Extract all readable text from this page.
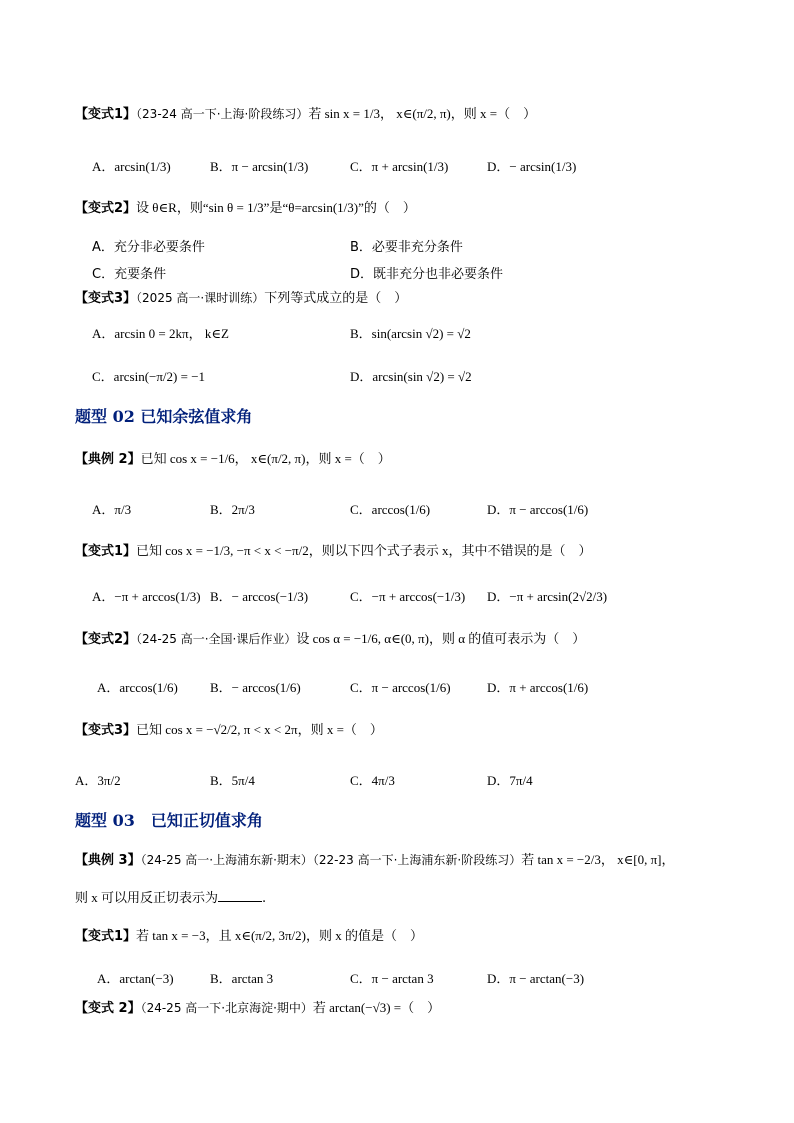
【变式1】（23-24 高一下·上海·阶段练习）若 sin x = 1/3， x∈(π/2, π)，则 x =（　）
A．arcsin(1/3)	B．π − arcsin(1/3)	C．π + arcsin(1/3)	D．− arcsin(1/3)
【变式2】设 θ∈R，则“sin θ = 1/3”是“θ=arcsin(1/3)”的（　）
A．充分非必要条件	B．必要非充分条件
C．充要条件	D．既非充分也非必要条件
【变式3】（2025 高一·课时训练）下列等式成立的是（　）
A．arcsin 0 = 2kπ， k∈Z	B．sin(arcsin √2) = √2
C．arcsin(−π/2) = −1	D．arcsin(sin √2) = √2
题型 02 已知余弦值求角
【典例 2】已知 cos x = −1/6， x∈(π/2, π)，则 x =（　）
A．π/3	B．2π/3	C．arccos(1/6)	D．π − arccos(1/6)
【变式1】已知 cos x = −1/3, −π < x < −π/2，则以下四个式子表示 x，其中不错误的是（　）
A．−π + arccos(1/3) B．− arccos(−1/3)	C．−π + arccos(−1/3) D．−π + arcsin(2√2/3)
【变式2】（24-25 高一·全国·课后作业）设 cos α = −1/6, α∈(0, π)，则 α 的值可表示为（　）
A．arccos(1/6) B．− arccos(1/6)	C．π − arccos(1/6)	D．π + arccos(1/6)
【变式3】已知 cos x = −√2/2, π < x < 2π，则 x =（　）
A．3π/2	B．5π/4	C．4π/3	D．7π/4
题型 03　已知正切值求角
【典例 3】（24-25 高一·上海浦东新·期末）（22-23 高一下·上海浦东新·阶段练习）若 tan x = −2/3， x∈[0, π]，
则 x 可以用反正切表示为	.
【变式1】若 tan x = −3，且 x∈(π/2, 3π/2)，则 x 的值是（　）
A．arctan(−3)	B．arctan 3	C．π − arctan 3	D．π − arctan(−3)
【变式 2】（24-25 高一下·北京海淀·期中）若 arctan(−√3) =（　）
